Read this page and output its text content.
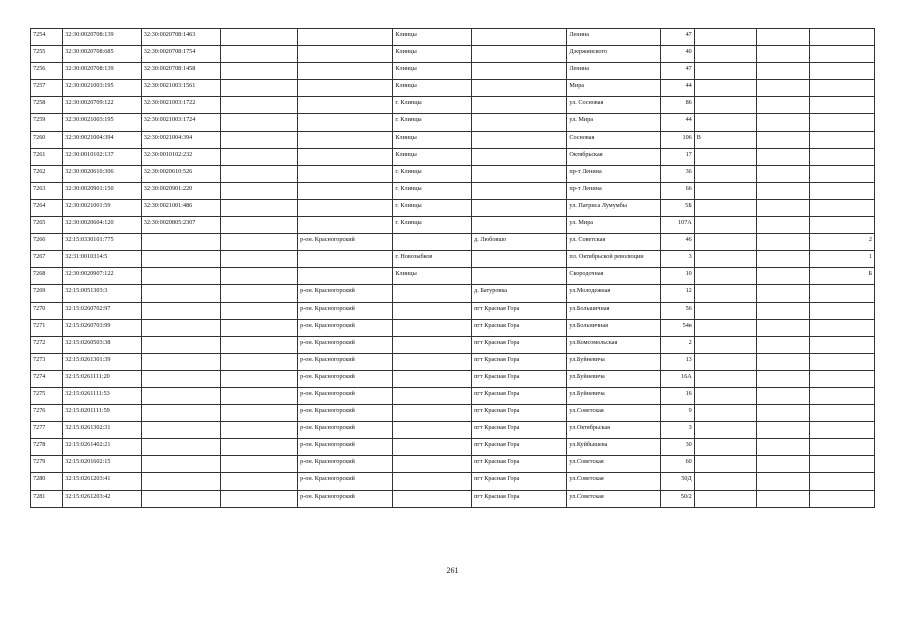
7254	32:30:0020708:139	32:30:0020708:1463			Клинцы		Ленина	47			
7255	32:30:0020708:685	32:30:0020708:1754			Клинцы		Дзержинского	40			
7256	32:30:0020708:139	32:30:0020708:1458			Клинцы		Ленина	47			
7257	32:30:0021003:195	32:30:0021003:1561			Клинцы		Мира	44			
7258	32:30:0020709:122	32:30:0021003:1722			г. Клинцы		ул. Сосновая	86			
7259	32:30:0021003:195	32:30:0021003:1724			г. Клинцы		ул. Мира	44			
7260	32:30:0021004:394	32:30:0021004:394			Клинцы		Сосновая	106	В		
7261	32:30:0010102:137	32:30:0010102:232			Клинцы		Октябрьская	17			
7262	32:30:0020610:306	32:30:0020610:526			г. Клинцы		пр-т Ленина	36			
7263	32:30:0020901:150	32:30:0020901:220			г. Клинцы		пр-т Ленина	66			
7264	32:30:0021001:59	32:30:0021001:486			г. Клинцы		ул. Патриса Лумумбы	5Б			
7265	32:30:0020604:120	32:30:0020805:2307			г. Клинцы		ул. Мира	107А			
7266	32:15:0330101:775			р-он. Красногорский		д. Любовшо	ул. Советская	46			2
7267	32:31:0010314:5				г. Новозыбков		пл. Октябрьской революции	3			1
7268	32:30:0020907:122				Клинцы		Скородочная	10			Б
7269	32:15:0051303:3			р-он. Красногорский		д. Батуровка	ул.Молодежная	12			
7270	32:15:0260702:97			р-он. Красногорский		пгт Красная Гора	ул.Большичная	56			
7271	32:15:0260703:99			р-он. Красногорский		пгт Красная Гора	ул.Больничная	54в			
7272	32:15:0260503:38			р-он. Красногорский		пгт Красная Гора	ул.Комсомольская	2			
7273	32:15:0261301:39			р-он. Красногорский		пгт Красная Гора	ул.Буйневича	13			
7274	32:15:0261111:20			р-он. Красногорский		пгт Красная Гора	ул.Буйневича	16А			
7275	32:15:0261111:53			р-он. Красногорский		пгт Красная Гора	ул.Буйневича	16			
7276	32:15:0201111:59			р-он. Красногорский		пгт Красная Гора	ул.Советская	9			
7277	32:15:0261302:31			р-он. Красногорский		пгт Красная Гора	ул.Октябрьская	3			
7278	32:15:0261402:21			р-он. Красногорский		пгт Красная Гора	ул.Куйбышева	30			
7279	32:15:0201602:15			р-он. Красногорский		пгт Красная Гора	ул.Советская	60			
7280	32:15:0261203:41			р-он. Красногорский		пгт Красная Гора	ул.Советская	50Д			
7281	32:15:0261203:42			р-он. Красногорский		пгт Красная Гора	ул.Советская	50/2			
261
